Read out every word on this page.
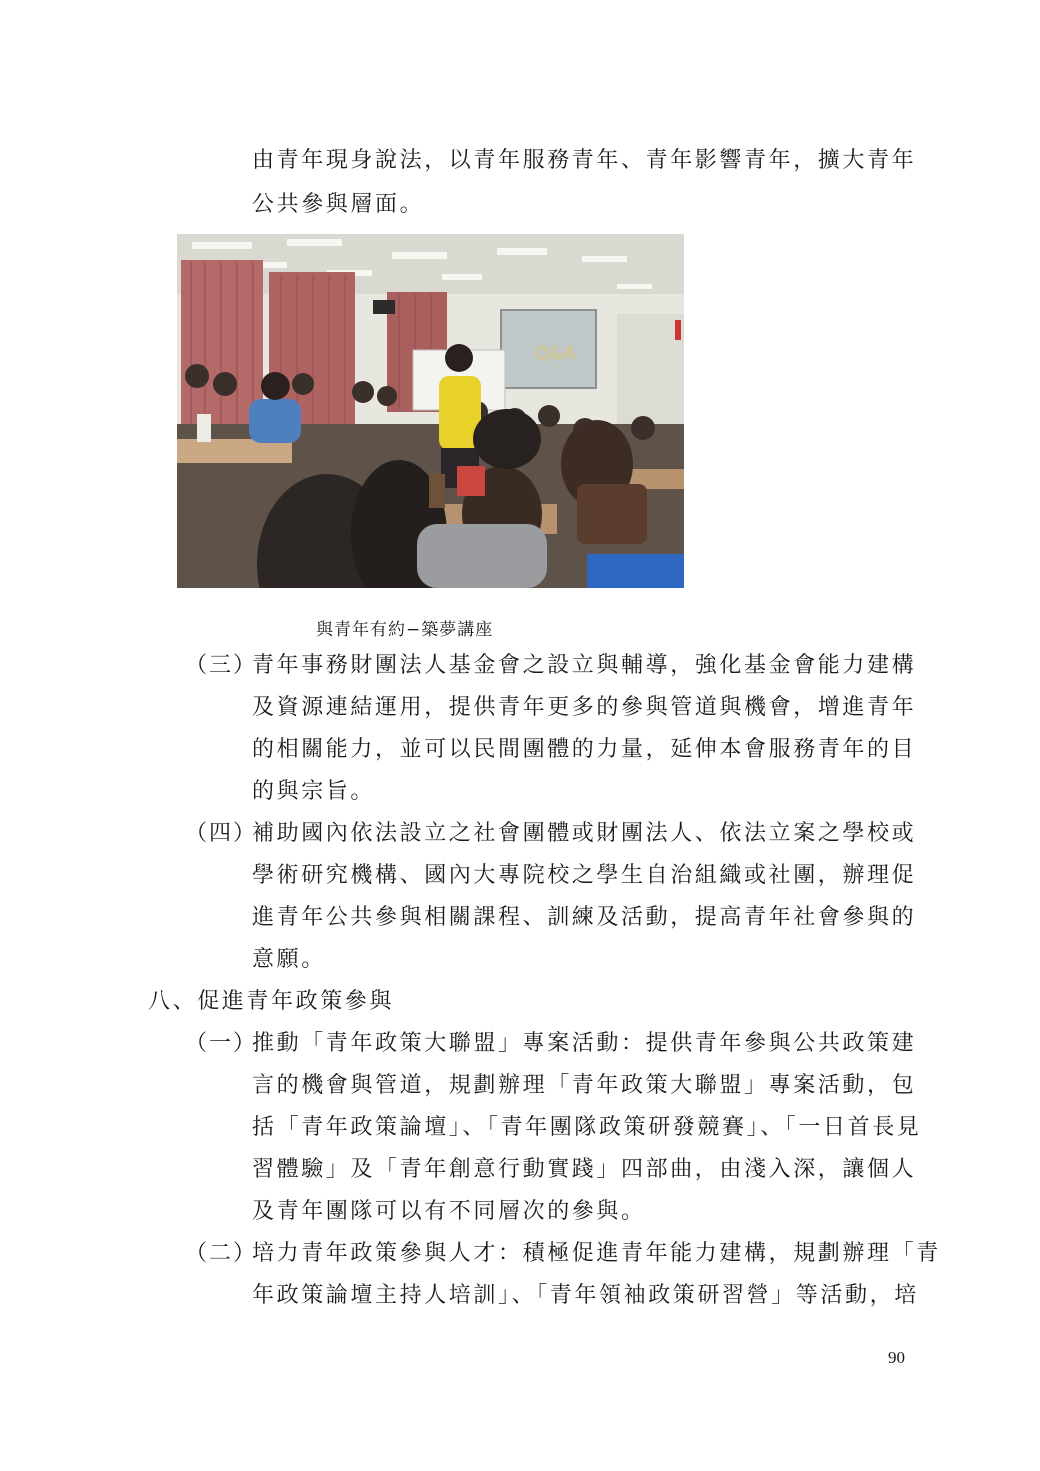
由青年現身說法，以青年服務青年、青年影響青年，擴大青年
公共參與層面。
Q&A
與青年有約−築夢講座
（三）
青年事務財團法人基金會之設立與輔導，強化基金會能力建構
及資源連結運用，提供青年更多的參與管道與機會，增進青年
的相關能力，並可以民間團體的力量，延伸本會服務青年的目
的與宗旨。
（四）
補助國內依法設立之社會團體或財團法人、依法立案之學校或
學術研究機構、國內大專院校之學生自治組織或社團，辦理促
進青年公共參與相關課程、訓練及活動，提高青年社會參與的
意願。
八、促進青年政策參與
（一）
推動「青年政策大聯盟」專案活動：提供青年參與公共政策建
言的機會與管道，規劃辦理「青年政策大聯盟」專案活動，包
括「青年政策論壇」、「青年團隊政策研發競賽」、「一日首長見
習體驗」及「青年創意行動實踐」四部曲，由淺入深，讓個人
及青年團隊可以有不同層次的參與。
（二）
培力青年政策參與人才：積極促進青年能力建構，規劃辦理「青
年政策論壇主持人培訓」、「青年領袖政策研習營」等活動，培
90
